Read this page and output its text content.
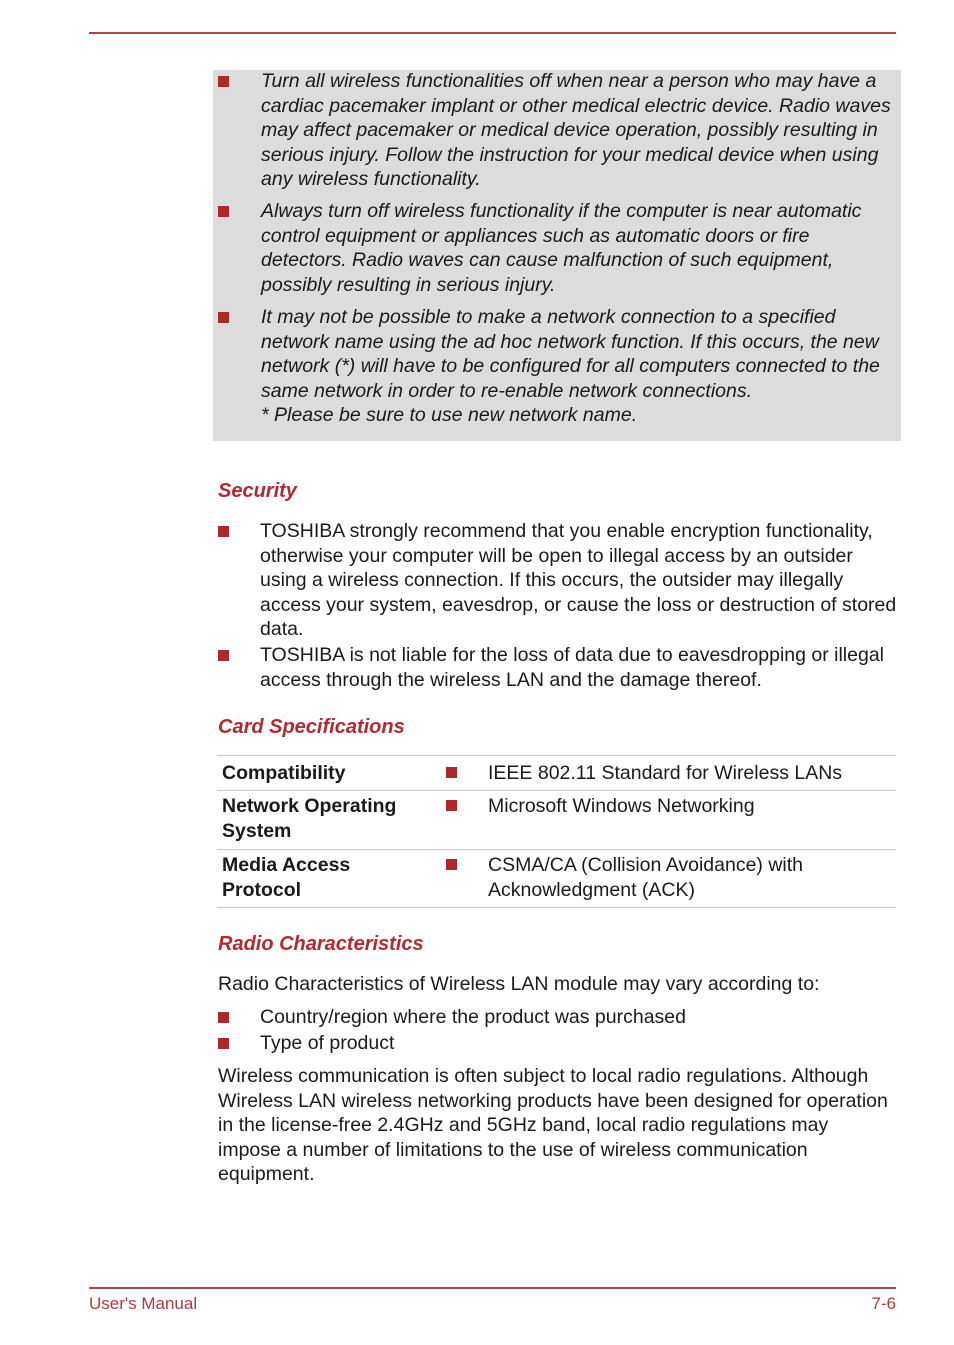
Turn all wireless functionalities off when near a person who may have a cardiac pacemaker implant or other medical electric device. Radio waves may affect pacemaker or medical device operation, possibly resulting in serious injury. Follow the instruction for your medical device when using any wireless functionality.
Always turn off wireless functionality if the computer is near automatic control equipment or appliances such as automatic doors or fire detectors. Radio waves can cause malfunction of such equipment, possibly resulting in serious injury.
It may not be possible to make a network connection to a specified network name using the ad hoc network function. If this occurs, the new network (*) will have to be configured for all computers connected to the same network in order to re-enable network connections.
* Please be sure to use new network name.
Security
TOSHIBA strongly recommend that you enable encryption functionality, otherwise your computer will be open to illegal access by an outsider using a wireless connection. If this occurs, the outsider may illegally access your system, eavesdrop, or cause the loss or destruction of stored data.
TOSHIBA is not liable for the loss of data due to eavesdropping or illegal access through the wireless LAN and the damage thereof.
Card Specifications
Compatibility	IEEE 802.11 Standard for Wireless LANs
Network Operating System
Microsoft Windows Networking
Media Access Protocol
CSMA/CA (Collision Avoidance) with Acknowledgment (ACK)
Radio Characteristics
Radio Characteristics of Wireless LAN module may vary according to:
Country/region where the product was purchased
Type of product
Wireless communication is often subject to local radio regulations. Although Wireless LAN wireless networking products have been designed for operation in the license-free 2.4GHz and 5GHz band, local radio regulations may impose a number of limitations to the use of wireless communication equipment.
User's Manual	7-6
